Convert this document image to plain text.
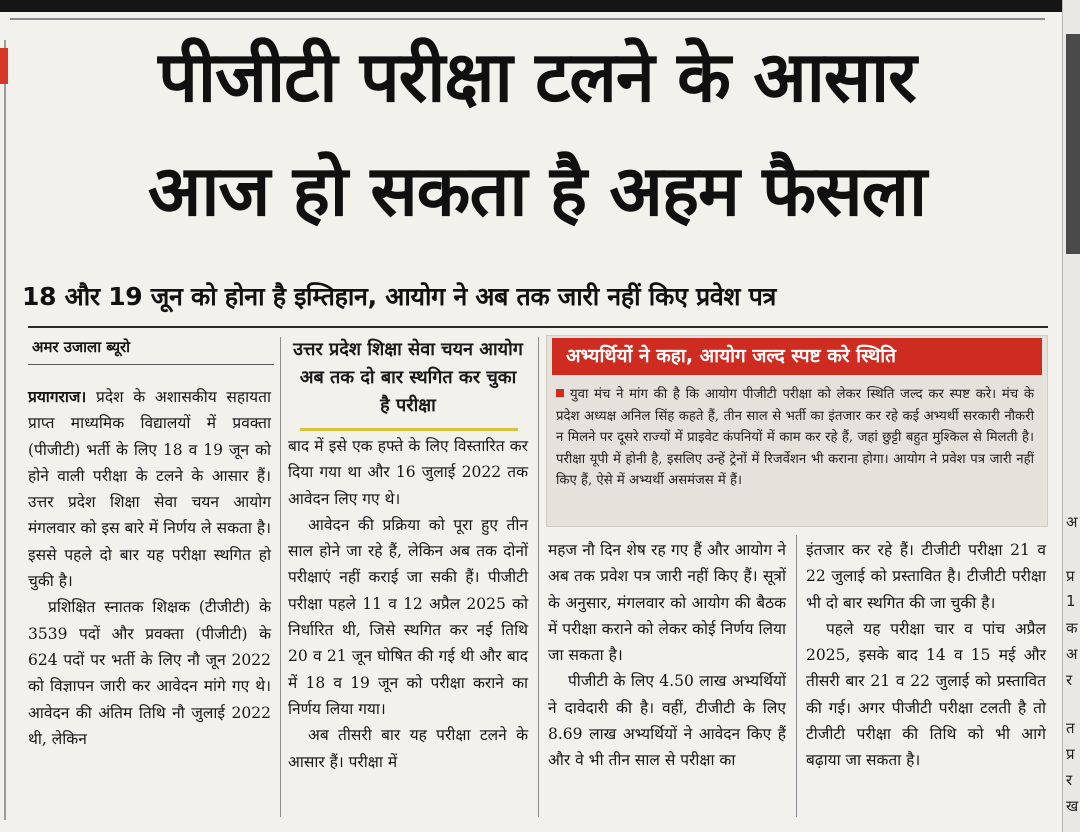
अ
प्र
1
क
अ
र
त
प्र
र
ख
पीजीटी परीक्षा टलने के आसार
आज हो सकता है अहम फैसला
18 और 19 जून को होना है इम्तिहान, आयोग ने अब तक जारी नहीं किए प्रवेश पत्र
अमर उजाला ब्यूरो

प्रयागराज। प्रदेश के अशासकीय सहायता प्राप्त माध्यमिक विद्यालयों में प्रवक्ता (पीजीटी) भर्ती के लिए 18 व 19 जून को होने वाली परीक्षा के टलने के आसार हैं। उत्तर प्रदेश शिक्षा सेवा चयन आयोग मंगलवार को इस बारे में निर्णय ले सकता है। इससे पहले दो बार यह परीक्षा स्थगित हो चुकी है।

प्रशिक्षित स्नातक शिक्षक (टीजीटी) के 3539 पदों और प्रवक्ता (पीजीटी) के 624 पदों पर भर्ती के लिए नौ जून 2022 को विज्ञापन जारी कर आवेदन मांगे गए थे। आवेदन की अंतिम तिथि नौ जुलाई 2022 थी, लेकिन

उत्तर प्रदेश शिक्षा सेवा चयन आयोग अब तक दो बार स्थगित कर चुका है परीक्षा

बाद में इसे एक हफ्ते के लिए विस्तारित कर दिया गया था और 16 जुलाई 2022 तक आवेदन लिए गए थे।

आवेदन की प्रक्रिया को पूरा हुए तीन साल होने जा रहे हैं, लेकिन अब तक दोनों परीक्षाएं नहीं कराई जा सकी हैं। पीजीटी परीक्षा पहले 11 व 12 अप्रैल 2025 को निर्धारित थी, जिसे स्थगित कर नई तिथि 20 व 21 जून घोषित की गई थी और बाद में 18 व 19 जून को परीक्षा कराने का निर्णय लिया गया।

अब तीसरी बार यह परीक्षा टलने के आसार हैं। परीक्षा में

अभ्यर्थियों ने कहा, आयोग जल्द स्पष्ट करे स्थिति
युवा मंच ने मांग की है कि आयोग पीजीटी परीक्षा को लेकर स्थिति जल्द कर स्पष्ट करे। मंच के प्रदेश अध्यक्ष अनिल सिंह कहते हैं, तीन साल से भर्ती का इंतजार कर रहे कई अभ्यर्थी सरकारी नौकरी न मिलने पर दूसरे राज्यों में प्राइवेट कंपनियों में काम कर रहे हैं, जहां छुट्टी बहुत मुश्किल से मिलती है। परीक्षा यूपी में होनी है, इसलिए उन्हें ट्रेनों में रिजर्वेशन भी कराना होगा। आयोग ने प्रवेश पत्र जारी नहीं किए हैं, ऐसे में अभ्यर्थी असमंजस में हैं।

महज नौ दिन शेष रह गए हैं और आयोग ने अब तक प्रवेश पत्र जारी नहीं किए हैं। सूत्रों के अनुसार, मंगलवार को आयोग की बैठक में परीक्षा कराने को लेकर कोई निर्णय लिया जा सकता है।

पीजीटी के लिए 4.50 लाख अभ्यर्थियों ने दावेदारी की है। वहीं, टीजीटी के लिए 8.69 लाख अभ्यर्थियों ने आवेदन किए हैं और वे भी तीन साल से परीक्षा का

इंतजार कर रहे हैं। टीजीटी परीक्षा 21 व 22 जुलाई को प्रस्तावित है। टीजीटी परीक्षा भी दो बार स्थगित की जा चुकी है।

पहले यह परीक्षा चार व पांच अप्रैल 2025, इसके बाद 14 व 15 मई और तीसरी बार 21 व 22 जुलाई को प्रस्तावित की गई। अगर पीजीटी परीक्षा टलती है तो टीजीटी परीक्षा की तिथि को भी आगे बढ़ाया जा सकता है।
